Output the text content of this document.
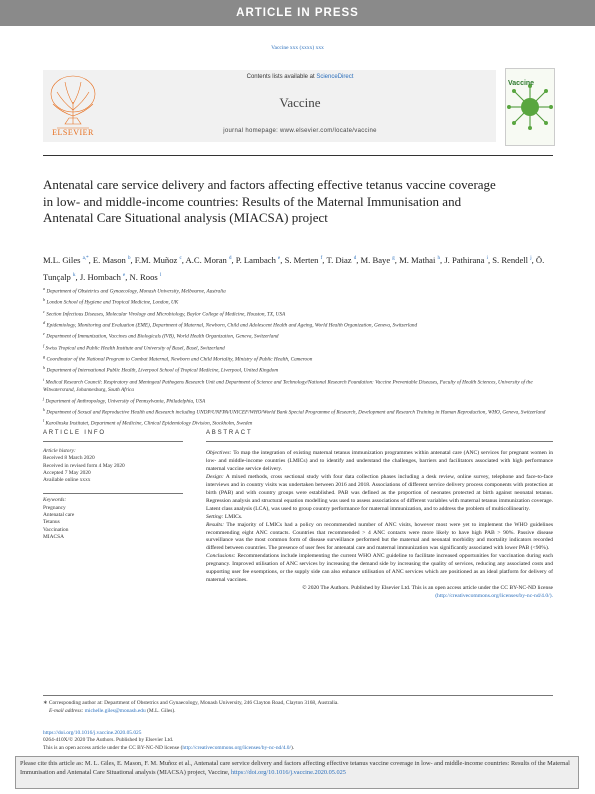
ARTICLE IN PRESS
Vaccine xxx (xxxx) xxx
ELSEVIER
Contents lists available at ScienceDirect
Vaccine
journal homepage: www.elsevier.com/locate/vaccine
Vaccine
Antenatal care service delivery and factors affecting effective tetanus vaccine coverage in low- and middle-income countries: Results of the Maternal Immunisation and Antenatal Care Situational analysis (MIACSA) project
M.L. Giles $^{a,*}$, E. Mason $^b$, F.M. Muñoz $^c$, A.C. Moran $^d$, P. Lambach $^e$, S. Merten $^f$, T. Diaz $^d$, M. Baye $^g$, M. Mathai $^h$, J. Pathirana $^i$, S. Rendell $^j$, Ö. Tunçalp $^k$, J. Hombach $^e$, N. Roos $^l$

$^a$ Department of Obstetrics and Gynaecology, Monash University, Melbourne, Australia

$^b$ London School of Hygiene and Tropical Medicine, London, UK

$^c$ Section Infectious Diseases, Molecular Virology and Microbiology, Baylor College of Medicine, Houston, TX, USA

$^d$ Epidemiology, Monitoring and Evaluation (EME), Department of Maternal, Newborn, Child and Adolescent Health and Ageing, World Health Organization, Geneva, Switzerland

$^e$ Department of Immunization, Vaccines and Biologicals (IVB), World Health Organization, Geneva, Switzerland

$^f$ Swiss Tropical and Public Health Institute and University of Basel, Basel, Switzerland

$^g$ Coordinator of the National Program to Combat Maternal, Newborn and Child Mortality, Ministry of Public Health, Cameroon

$^h$ Department of International Public Health, Liverpool School of Tropical Medicine, Liverpool, United Kingdom

$^i$ Medical Research Council: Respiratory and Meningeal Pathogens Research Unit and Department of Science and Technology/National Research Foundation: Vaccine Preventable Diseases, Faculty of Health Sciences, University of the Witwatersrand, Johannesburg, South Africa

$^j$ Department of Anthropology, University of Pennsylvania, Philadelphia, USA

$^k$ Department of Sexual and Reproductive Health and Research including UNDP/UNFPA/UNICEF/WHO/World Bank Special Programme of Research, Development and Research Training in Human Reproduction, WHO, Geneva, Switzerland

$^l$ Karolinska Institutet, Department of Medicine, Clinical Epidemiology Division, Stockholm, Sweden

ARTICLE INFO	ABSTRACT
Article history:
Received 8 March 2020
Received in revised form 4 May 2020
Accepted 7 May 2020
Available online xxxx
Keywords:
Pregnancy
Antenatal care
Tetanus
Vaccination
MIACSA

Objectives: To map the integration of existing maternal tetanus immunization programmes within antenatal care (ANC) services for pregnant women in low- and middle-income countries (LMICs) and to identify and understand the challenges, barriers and facilitators associated with high performance maternal vaccine service delivery.

Design: A mixed methods, cross sectional study with four data collection phases including a desk review, online survey, telephone and face-to-face interviews and in country visits was undertaken between 2016 and 2018. Associations of different service delivery process components with protection at birth (PAB) and with country groups were established. PAB was defined as the proportion of neonates protected at birth against neonatal tetanus. Regression analysis and structural equation modelling was used to assess associations of different variables with maternal tetanus immunization coverage. Latent class analysis (LCA), was used to group country performance for maternal immunization, and to address the problem of multicollinearity.

Setting: LMICs.

Results: The majority of LMICs had a policy on recommended number of ANC visits, however most were yet to implement the WHO guidelines recommending eight ANC contacts. Countries that recommended > 4 ANC contacts were more likely to have high PAB > 90%. Passive disease surveillance was the most common form of disease surveillance performed but the maternal and neonatal morbidity and mortality indicators recorded differed between countries. The presence of user fees for antenatal care and maternal immunization was significantly associated with lower PAB (<90%).

Conclusions: Recommendations include implementing the current WHO ANC guideline to facilitate increased opportunities for vaccination during each pregnancy. Improved utilisation of ANC services by increasing the demand side by increasing the quality of services, reducing any associated costs and supporting user fee exemptions, or the supply side can also enhance utilisation of ANC services which are positioned as an ideal platform for delivery of maternal vaccines.

© 2020 The Authors. Published by Elsevier Ltd. This is an open access article under the CC BY-NC-ND license
(http://creativecommons.org/licenses/by-nc-nd/4.0/).

∗ Corresponding author at: Department of Obstetrics and Gynaecology, Monash University, 246 Clayton Road, Clayton 3168, Australia.
E-mail address: michelle.giles@monash.edu (M.L. Giles).
https://doi.org/10.1016/j.vaccine.2020.05.025
0264-410X/© 2020 The Authors. Published by Elsevier Ltd.
This is an open access article under the CC BY-NC-ND license (http://creativecommons.org/licenses/by-nc-nd/4.0/).
Please cite this article as: M. L. Giles, E. Mason, F. M. Muñoz et al., Antenatal care service delivery and factors affecting effective tetanus vaccine coverage in low- and middle-income countries: Results of the Maternal Immunisation and Antenatal Care Situational analysis (MIACSA) project, Vaccine, https://doi.org/10.1016/j.vaccine.2020.05.025
